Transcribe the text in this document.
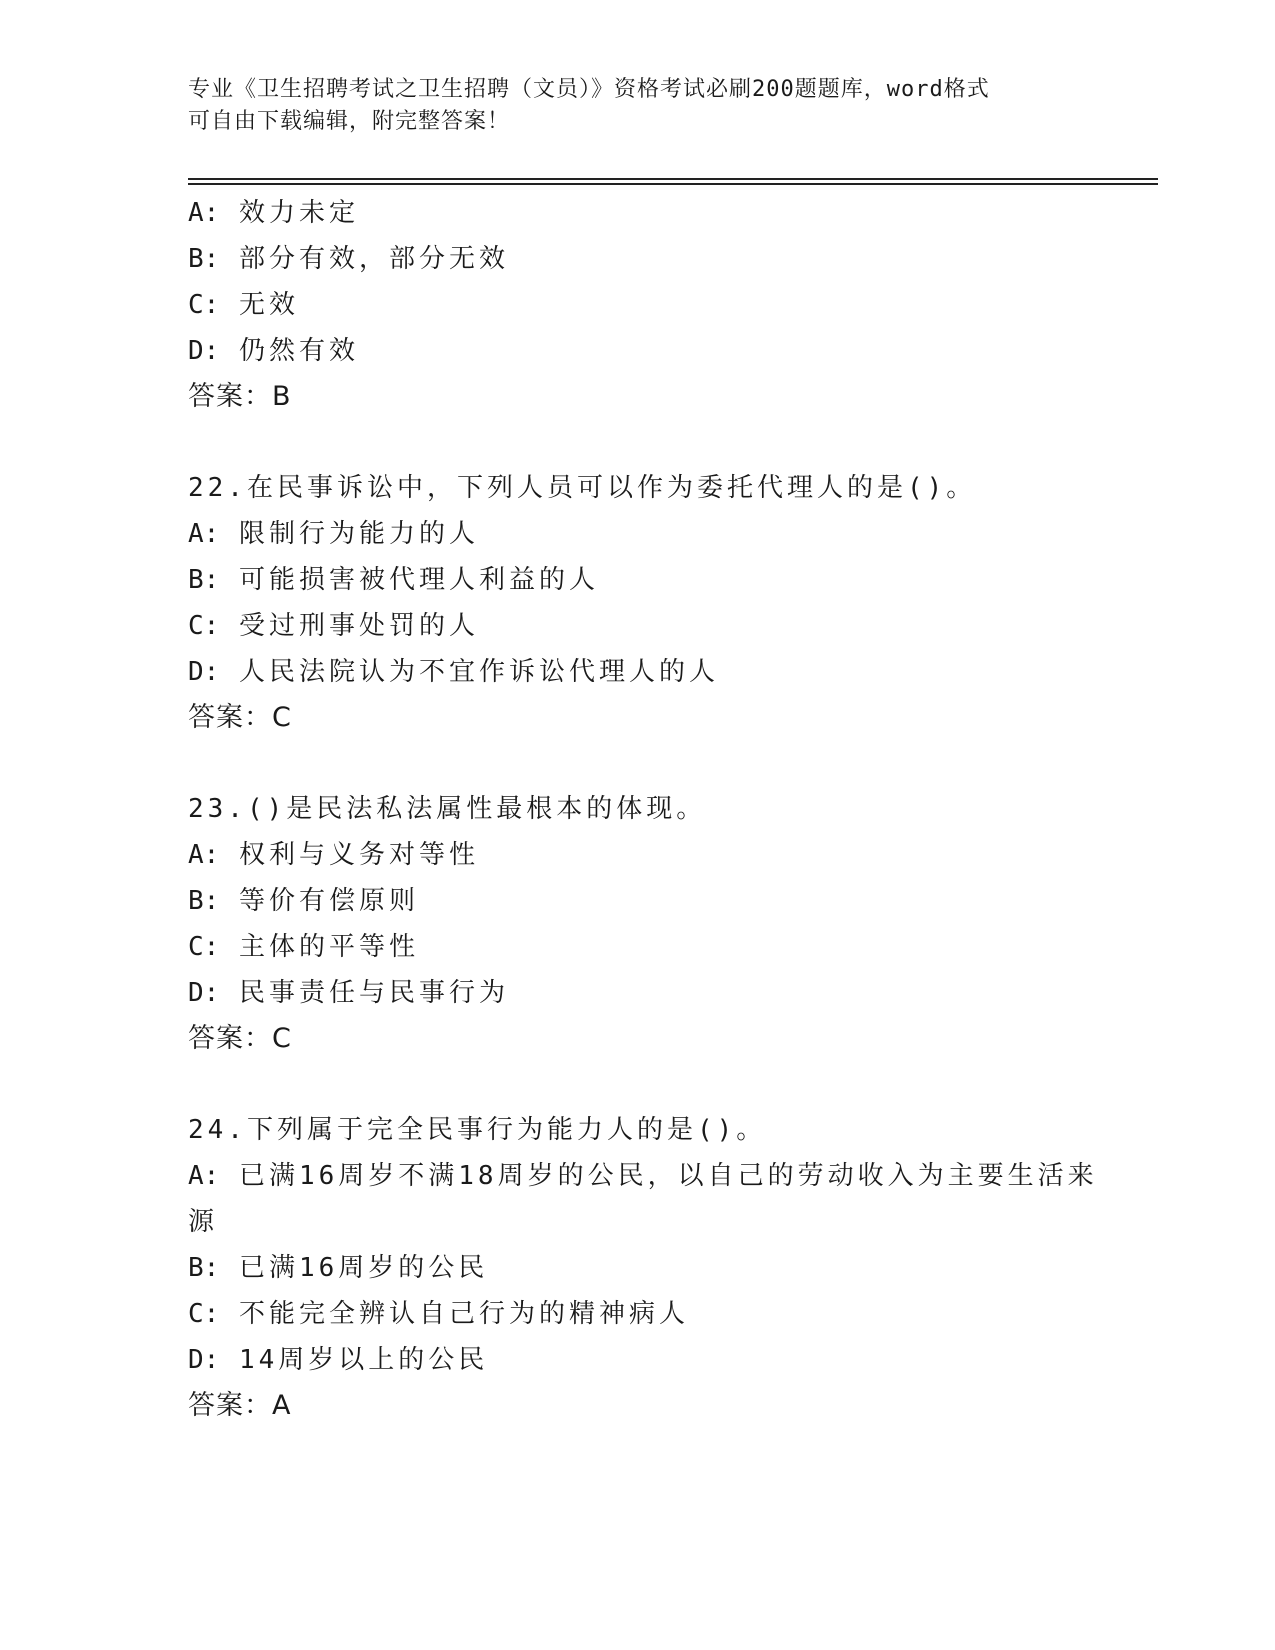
专业《卫生招聘考试之卫生招聘（文员）》资格考试必刷200题题库，word格式
可自由下载编辑，附完整答案！
A: 效力未定
B: 部分有效，部分无效
C: 无效
D: 仍然有效
答案：B
22.在民事诉讼中，下列人员可以作为委托代理人的是()。
A: 限制行为能力的人
B: 可能损害被代理人利益的人
C: 受过刑事处罚的人
D: 人民法院认为不宜作诉讼代理人的人
答案：C
23.()是民法私法属性最根本的体现。
A: 权利与义务对等性
B: 等价有偿原则
C: 主体的平等性
D: 民事责任与民事行为
答案：C
24.下列属于完全民事行为能力人的是()。
A: 已满16周岁不满18周岁的公民，以自己的劳动收入为主要生活来
源
B: 已满16周岁的公民
C: 不能完全辨认自己行为的精神病人
D: 14周岁以上的公民
答案：A
